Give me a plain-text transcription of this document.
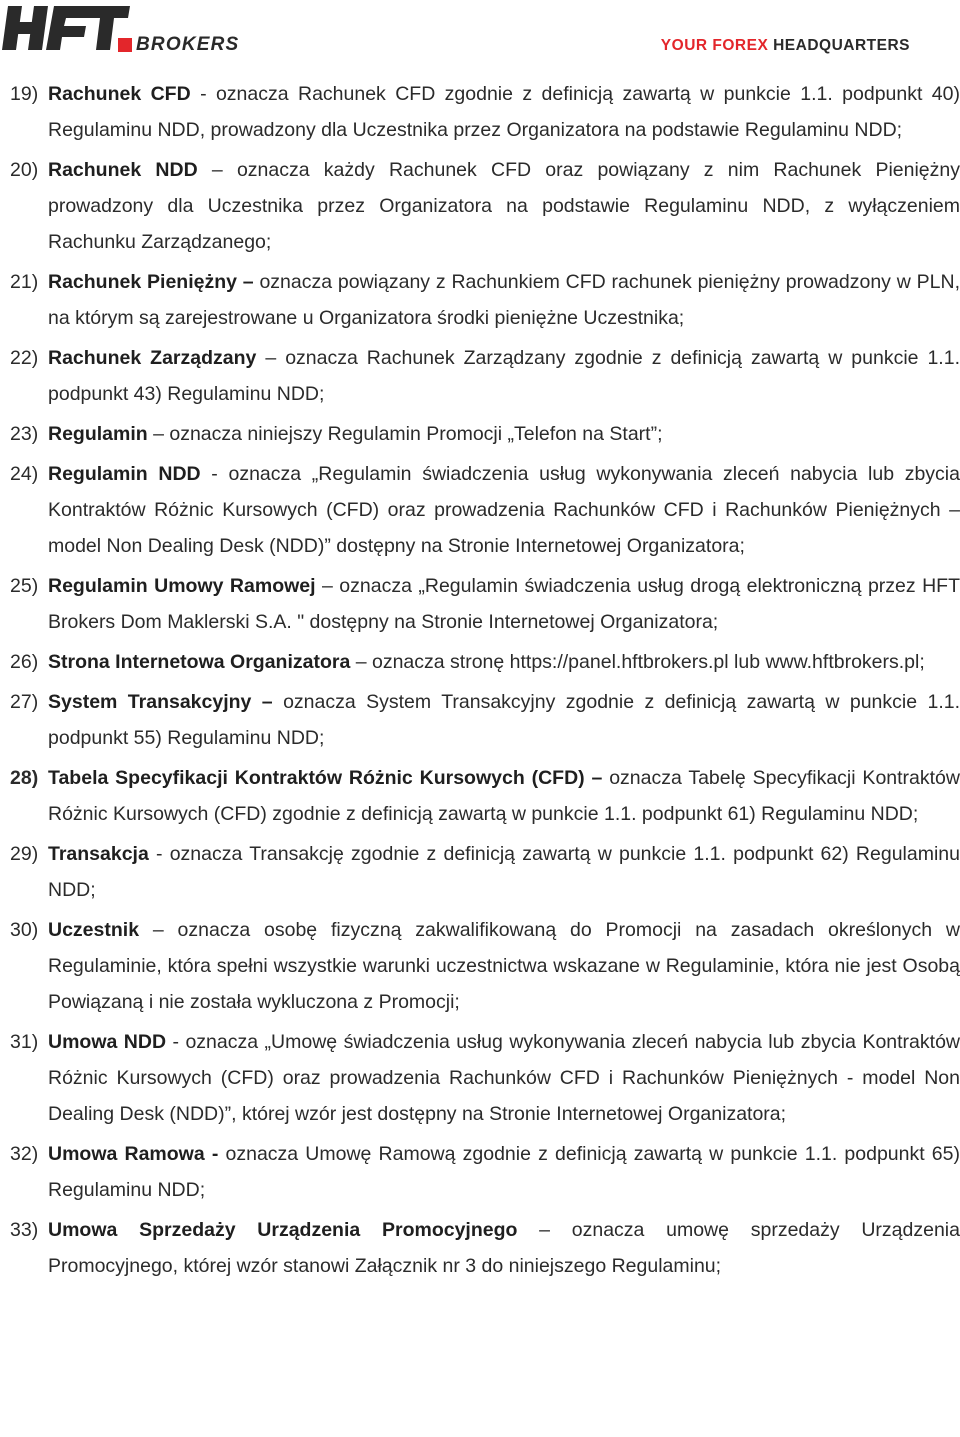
BROKERS	YOUR FOREX HEADQUARTERS
19) Rachunek CFD - oznacza Rachunek CFD zgodnie z definicją zawartą w punkcie 1.1. podpunkt 40) Regulaminu NDD, prowadzony dla Uczestnika przez Organizatora na podstawie Regulaminu NDD;
20) Rachunek NDD – oznacza każdy Rachunek CFD oraz powiązany z nim Rachunek Pieniężny prowadzony dla Uczestnika przez Organizatora na podstawie Regulaminu NDD, z wyłączeniem Rachunku Zarządzanego;
21) Rachunek Pieniężny – oznacza powiązany z Rachunkiem CFD rachunek pieniężny prowadzony w PLN, na którym są zarejestrowane u Organizatora środki pieniężne Uczestnika;
22) Rachunek Zarządzany – oznacza Rachunek Zarządzany zgodnie z definicją zawartą w punkcie 1.1. podpunkt 43) Regulaminu NDD;
23) Regulamin – oznacza niniejszy Regulamin Promocji „Telefon na Start”;
24) Regulamin NDD - oznacza „Regulamin świadczenia usług wykonywania zleceń nabycia lub zbycia Kontraktów Różnic Kursowych (CFD) oraz prowadzenia Rachunków CFD i Rachunków Pieniężnych – model Non Dealing Desk (NDD)” dostępny na Stronie Internetowej Organizatora;
25) Regulamin Umowy Ramowej – oznacza „Regulamin świadczenia usług drogą elektroniczną przez HFT Brokers Dom Maklerski S.A. " dostępny na Stronie Internetowej Organizatora;
26) Strona Internetowa Organizatora – oznacza stronę https://panel.hftbrokers.pl lub www.hftbrokers.pl;
27) System Transakcyjny – oznacza System Transakcyjny zgodnie z definicją zawartą w punkcie 1.1. podpunkt 55) Regulaminu NDD;
28) Tabela Specyfikacji Kontraktów Różnic Kursowych (CFD) – oznacza Tabelę Specyfikacji Kontraktów Różnic Kursowych (CFD) zgodnie z definicją zawartą w punkcie 1.1. podpunkt 61) Regulaminu NDD;
29) Transakcja - oznacza Transakcję zgodnie z definicją zawartą w punkcie 1.1. podpunkt 62) Regulaminu NDD;
30) Uczestnik – oznacza osobę fizyczną zakwalifikowaną do Promocji na zasadach określonych w Regulaminie, która spełni wszystkie warunki uczestnictwa wskazane w Regulaminie, która nie jest Osobą Powiązaną i nie została wykluczona z Promocji;
31) Umowa NDD - oznacza „Umowę świadczenia usług wykonywania zleceń nabycia lub zbycia Kontraktów Różnic Kursowych (CFD) oraz prowadzenia Rachunków CFD i Rachunków Pieniężnych - model Non Dealing Desk (NDD)”, której wzór jest dostępny na Stronie Internetowej Organizatora;
32) Umowa Ramowa - oznacza Umowę Ramową zgodnie z definicją zawartą w punkcie 1.1. podpunkt 65) Regulaminu NDD;
33) Umowa Sprzedaży Urządzenia Promocyjnego – oznacza umowę sprzedaży Urządzenia Promocyjnego, której wzór stanowi Załącznik nr 3 do niniejszego Regulaminu;
